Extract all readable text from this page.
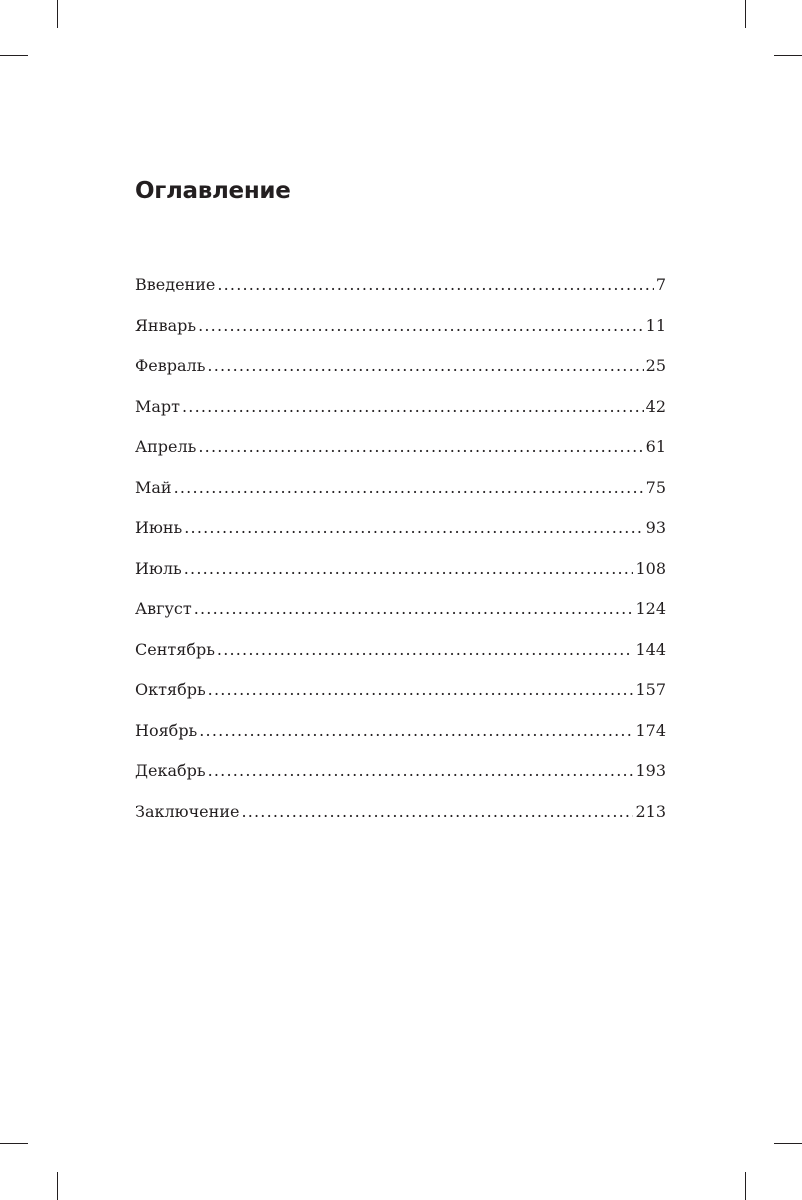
Оглавление
Введение .....	7
Январь .....	11
Февраль .....	25
Март .....	42
Апрель .....	61
Май .....	75
Июнь .....	93
Июль .....	108
Август .....	124
Сентябрь .....	144
Октябрь .....	157
Ноябрь .....	174
Декабрь .....	193
Заключение .....	213
